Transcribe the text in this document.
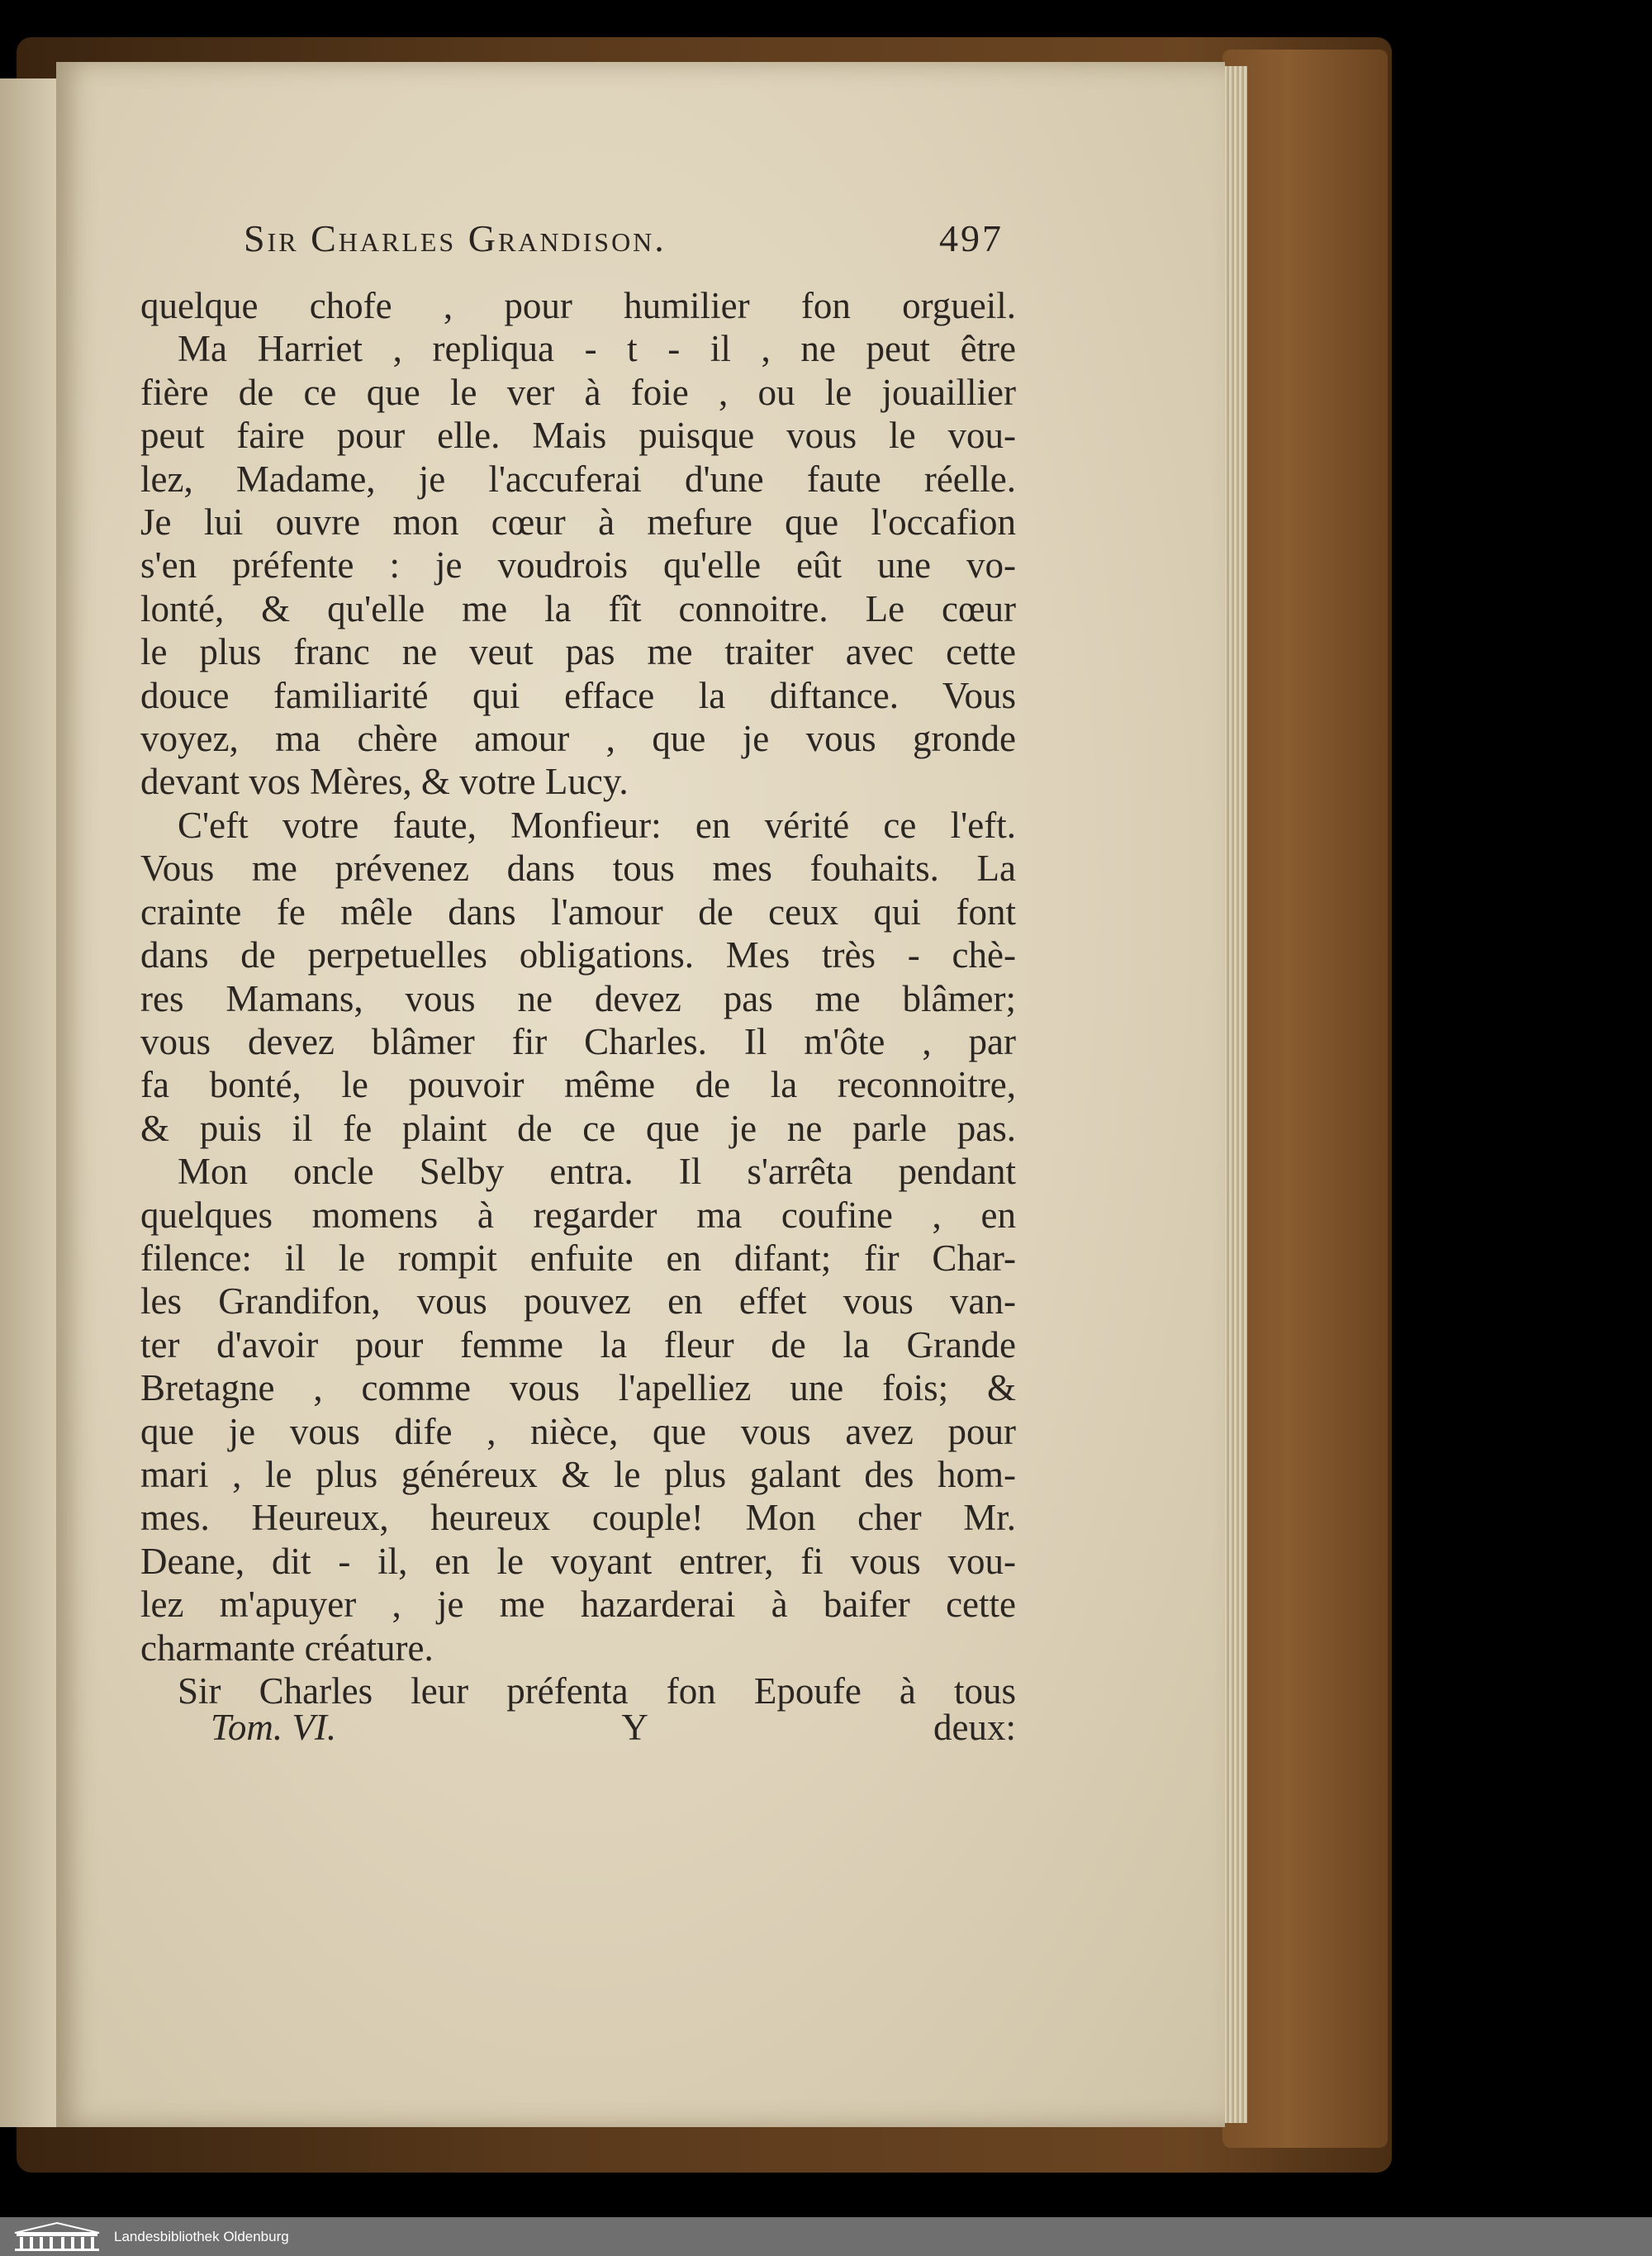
Sir Charles Grandison.	497
quelque chofe , pour humilier fon orgueil.
Ma Harriet , repliqua - t - il , ne peut être
fière de ce que le ver à foie , ou le jouaillier
peut faire pour elle. Mais puisque vous le vou-
lez, Madame, je l'accuferai d'une faute réelle.
Je lui ouvre mon cœur à mefure que l'occafion
s'en préfente : je voudrois qu'elle eût une vo-
lonté, & qu'elle me la fît connoitre. Le cœur
le plus franc ne veut pas me traiter avec cette
douce familiarité qui efface la diftance. Vous
voyez, ma chère amour , que je vous gronde
devant vos Mères, & votre Lucy.
C'eft votre faute, Monfieur: en vérité ce l'eft.
Vous me prévenez dans tous mes fouhaits. La
crainte fe mêle dans l'amour de ceux qui font
dans de perpetuelles obligations. Mes très - chè-
res Mamans, vous ne devez pas me blâmer;
vous devez blâmer fir Charles. Il m'ôte , par
fa bonté, le pouvoir même de la reconnoitre,
& puis il fe plaint de ce que je ne parle pas.
Mon oncle Selby entra. Il s'arrêta pendant
quelques momens à regarder ma coufine , en
filence: il le rompit enfuite en difant; fir Char-
les Grandifon, vous pouvez en effet vous van-
ter d'avoir pour femme la fleur de la Grande
Bretagne , comme vous l'apelliez une fois; &
que je vous dife , nièce, que vous avez pour
mari , le plus généreux & le plus galant des hom-
mes. Heureux, heureux couple! Mon cher Mr.
Deane, dit - il, en le voyant entrer, fi vous vou-
lez m'apuyer , je me hazarderai à baifer cette
charmante créature.
Sir Charles leur préfenta fon Epoufe à tous
Tom. VI.	Y	deux:
Landesbibliothek Oldenburg
